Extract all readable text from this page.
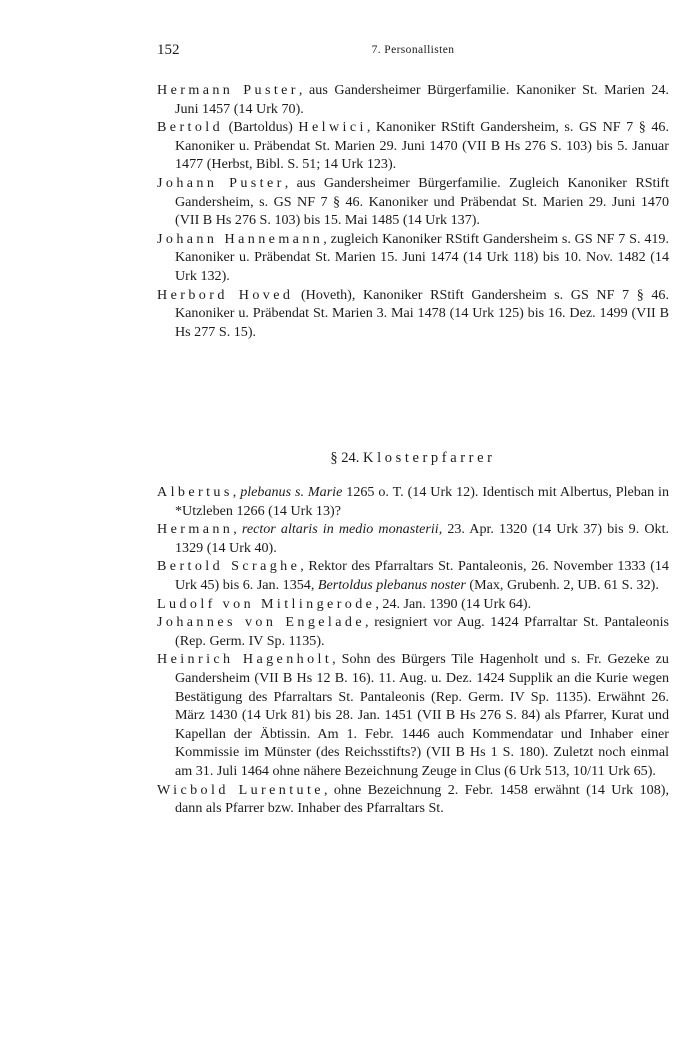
152	7. Personallisten

Hermann Puster, aus Gandersheimer Bürgerfamilie. Kanoniker St. Marien 24. Juni 1457 (14 Urk 70).

Bertold (Bartoldus) Helwici, Kanoniker RStift Gandersheim, s. GS NF 7 § 46. Kanoniker u. Präbendat St. Marien 29. Juni 1470 (VII B Hs 276 S. 103) bis 5. Januar 1477 (Herbst, Bibl. S. 51; 14 Urk 123).

Johann Puster, aus Gandersheimer Bürgerfamilie. Zugleich Kanoniker RStift Gandersheim, s. GS NF 7 § 46. Kanoniker und Präbendat St. Marien 29. Juni 1470 (VII B Hs 276 S. 103) bis 15. Mai 1485 (14 Urk 137).

Johann Hannemann, zugleich Kanoniker RStift Gandersheim s. GS NF 7 S. 419. Kanoniker u. Präbendat St. Marien 15. Juni 1474 (14 Urk 118) bis 10. Nov. 1482 (14 Urk 132).

Herbord Hoved (Hoveth), Kanoniker RStift Gandersheim s. GS NF 7 § 46. Kanoniker u. Präbendat St. Marien 3. Mai 1478 (14 Urk 125) bis 16. Dez. 1499 (VII B Hs 277 S. 15).

§ 24. Klosterpfarrer

Albertus, plebanus s. Marie 1265 o. T. (14 Urk 12). Identisch mit Albertus, Pleban in *Utzleben 1266 (14 Urk 13)?

Hermann, rector altaris in medio monasterii, 23. Apr. 1320 (14 Urk 37) bis 9. Okt. 1329 (14 Urk 40).

Bertold Scraghe, Rektor des Pfarraltars St. Pantaleonis, 26. November 1333 (14 Urk 45) bis 6. Jan. 1354, Bertoldus plebanus noster (Max, Grubenh. 2, UB. 61 S. 32).

Ludolf von Mitlingerode, 24. Jan. 1390 (14 Urk 64).

Johannes von Engelade, resigniert vor Aug. 1424 Pfarraltar St. Pantaleonis (Rep. Germ. IV Sp. 1135).

Heinrich Hagenholt, Sohn des Bürgers Tile Hagenholt und s. Fr. Gezeke zu Gandersheim (VII B Hs 12 B. 16). 11. Aug. u. Dez. 1424 Supplik an die Kurie wegen Bestätigung des Pfarraltars St. Pantaleonis (Rep. Germ. IV Sp. 1135). Erwähnt 26. März 1430 (14 Urk 81) bis 28. Jan. 1451 (VII B Hs 276 S. 84) als Pfarrer, Kurat und Kapellan der Äbtissin. Am 1. Febr. 1446 auch Kommendatar und Inhaber einer Kommissie im Münster (des Reichsstifts?) (VII B Hs 1 S. 180). Zuletzt noch einmal am 31. Juli 1464 ohne nähere Bezeichnung Zeuge in Clus (6 Urk 513, 10/11 Urk 65).

Wicbold Lurentute, ohne Bezeichnung 2. Febr. 1458 erwähnt (14 Urk 108), dann als Pfarrer bzw. Inhaber des Pfarraltars St.
